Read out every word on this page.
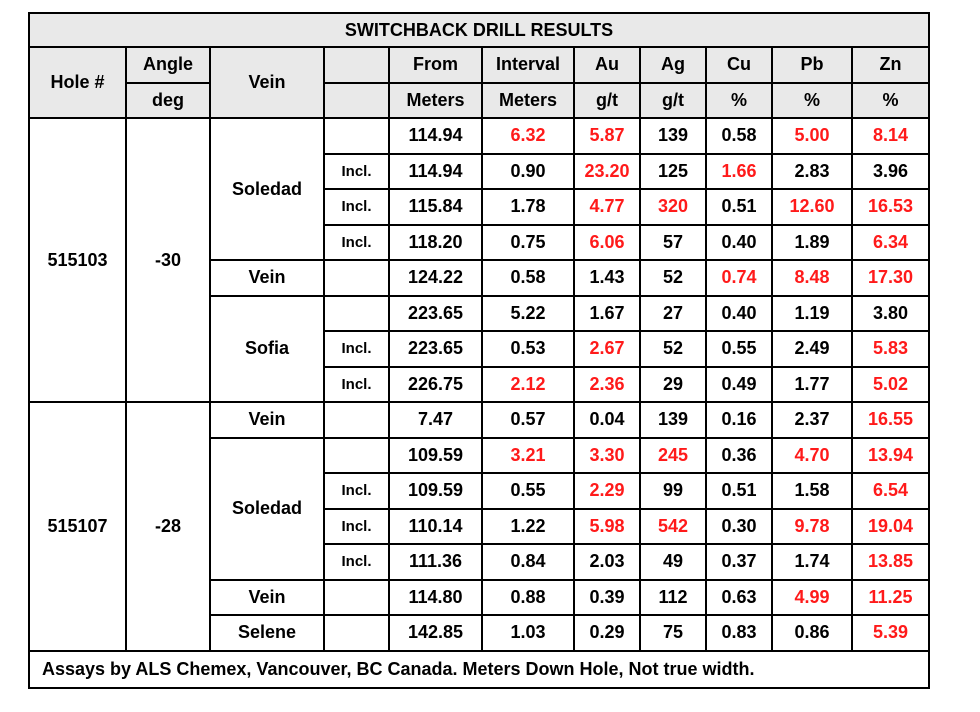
SWITCHBACK DRILL RESULTS										
Hole #	Angle	Vein		From	Interval	Au	Ag	Cu	Pb	Zn
	deg			Meters	Meters	g/t	g/t	%	%	%
515103	-30	Soledad		114.94	6.32	5.87	139	0.58	5.00	8.14
			Incl.	114.94	0.90	23.20	125	1.66	2.83	3.96
			Incl.	115.84	1.78	4.77	320	0.51	12.60	16.53
			Incl.	118.20	0.75	6.06	57	0.40	1.89	6.34
		Vein		124.22	0.58	1.43	52	0.74	8.48	17.30
		Sofia		223.65	5.22	1.67	27	0.40	1.19	3.80
			Incl.	223.65	0.53	2.67	52	0.55	2.49	5.83
			Incl.	226.75	2.12	2.36	29	0.49	1.77	5.02
515107	-28	Vein		7.47	0.57	0.04	139	0.16	2.37	16.55
		Soledad		109.59	3.21	3.30	245	0.36	4.70	13.94
			Incl.	109.59	0.55	2.29	99	0.51	1.58	6.54
			Incl.	110.14	1.22	5.98	542	0.30	9.78	19.04
			Incl.	111.36	0.84	2.03	49	0.37	1.74	13.85
		Vein		114.80	0.88	0.39	112	0.63	4.99	11.25
		Selene		142.85	1.03	0.29	75	0.83	0.86	5.39
Assays by ALS Chemex, Vancouver, BC Canada. Meters Down Hole, Not true width.										
